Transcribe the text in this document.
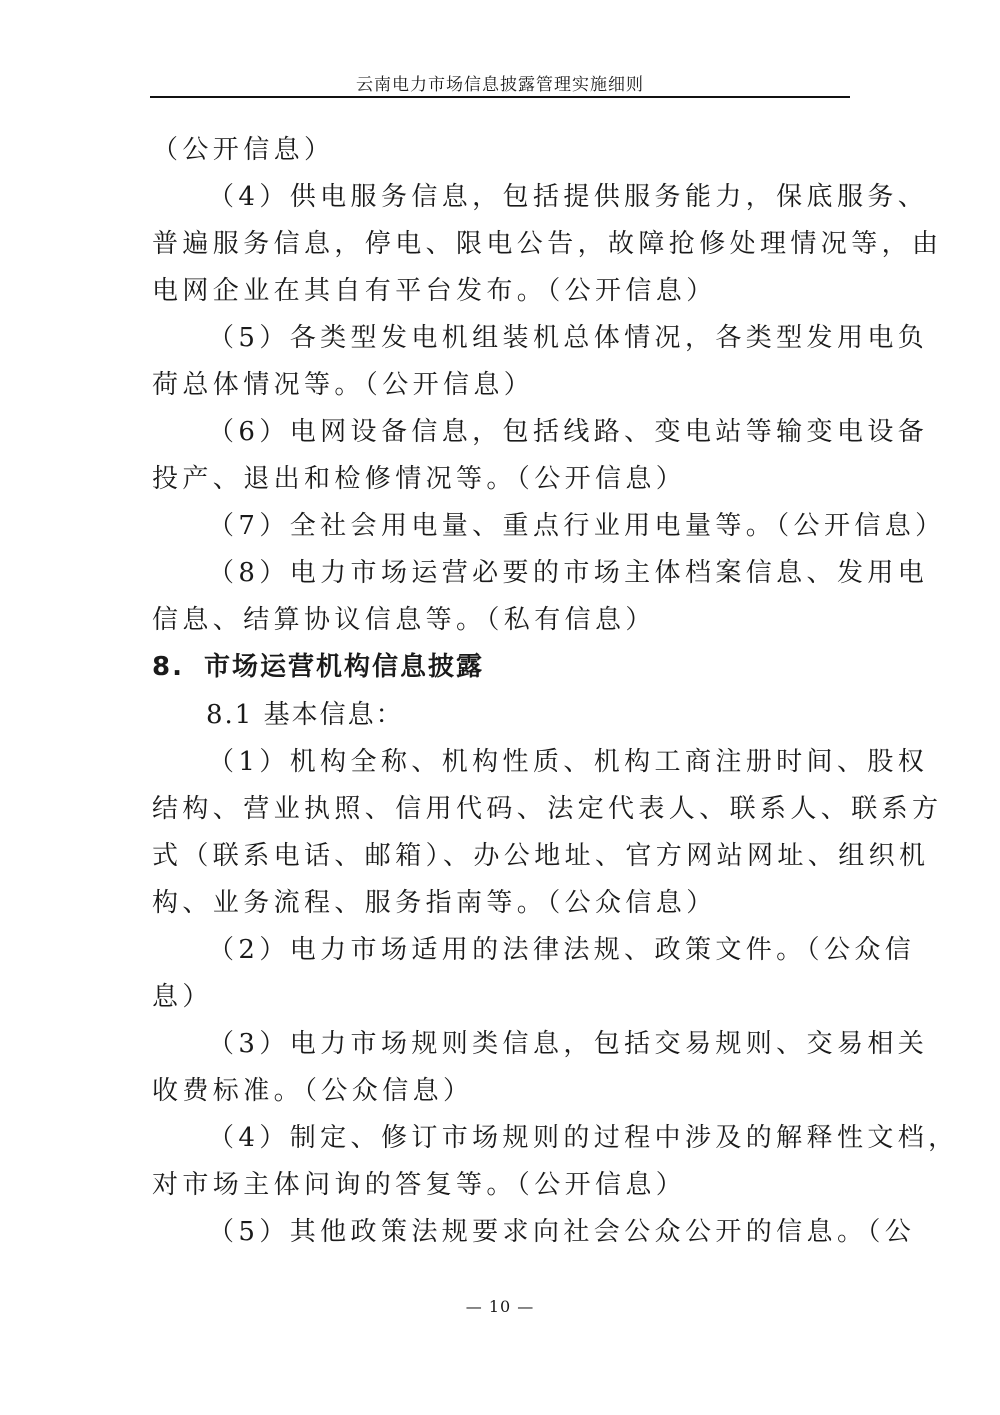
云南电力市场信息披露管理实施细则
（公开信息）
（4）供电服务信息，包括提供服务能力，保底服务、
普遍服务信息，停电、限电公告，故障抢修处理情况等，由
电网企业在其自有平台发布。（公开信息）
（5）各类型发电机组装机总体情况，各类型发用电负
荷总体情况等。（公开信息）
（6）电网设备信息，包括线路、变电站等输变电设备
投产、退出和检修情况等。（公开信息）
（7）全社会用电量、重点行业用电量等。（公开信息）
（8）电力市场运营必要的市场主体档案信息、发用电
信息、结算协议信息等。（私有信息）
8. 市场运营机构信息披露
8.1 基本信息：
（1）机构全称、机构性质、机构工商注册时间、股权
结构、营业执照、信用代码、法定代表人、联系人、联系方
式（联系电话、邮箱）、办公地址、官方网站网址、组织机
构、业务流程、服务指南等。（公众信息）
（2）电力市场适用的法律法规、政策文件。（公众信
息）
（3）电力市场规则类信息，包括交易规则、交易相关
收费标准。（公众信息）
（4）制定、修订市场规则的过程中涉及的解释性文档，
对市场主体问询的答复等。（公开信息）
（5）其他政策法规要求向社会公众公开的信息。（公
— 10 —
